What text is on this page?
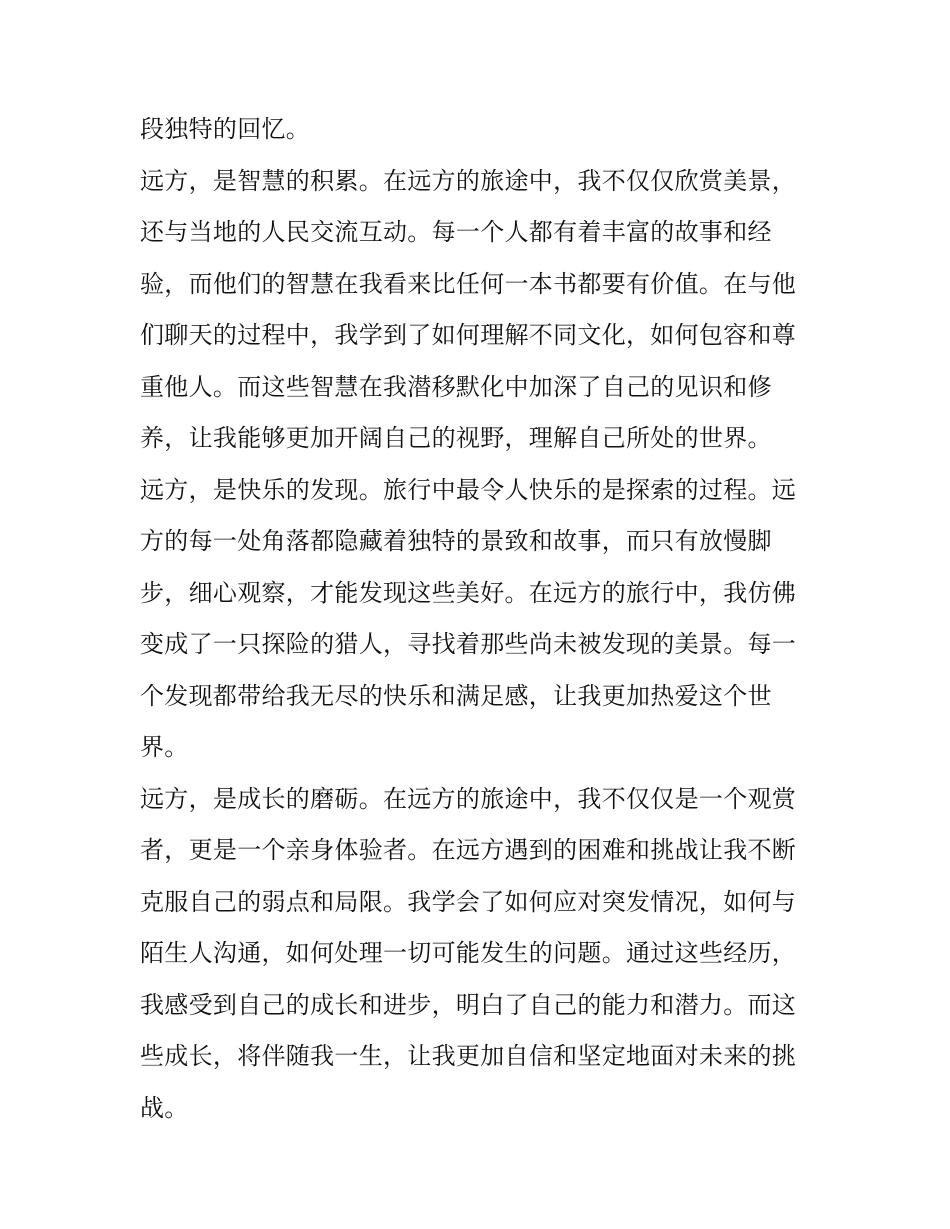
段独特的回忆。
远方，是智慧的积累。在远方的旅途中，我不仅仅欣赏美景，
还与当地的人民交流互动。每一个人都有着丰富的故事和经
验，而他们的智慧在我看来比任何一本书都要有价值。在与他
们聊天的过程中，我学到了如何理解不同文化，如何包容和尊
重他人。而这些智慧在我潜移默化中加深了自己的见识和修
养，让我能够更加开阔自己的视野，理解自己所处的世界。
远方，是快乐的发现。旅行中最令人快乐的是探索的过程。远
方的每一处角落都隐藏着独特的景致和故事，而只有放慢脚
步，细心观察，才能发现这些美好。在远方的旅行中，我仿佛
变成了一只探险的猎人，寻找着那些尚未被发现的美景。每一
个发现都带给我无尽的快乐和满足感，让我更加热爱这个世
界。
远方，是成长的磨砺。在远方的旅途中，我不仅仅是一个观赏
者，更是一个亲身体验者。在远方遇到的困难和挑战让我不断
克服自己的弱点和局限。我学会了如何应对突发情况，如何与
陌生人沟通，如何处理一切可能发生的问题。通过这些经历，
我感受到自己的成长和进步，明白了自己的能力和潜力。而这
些成长，将伴随我一生，让我更加自信和坚定地面对未来的挑
战。
